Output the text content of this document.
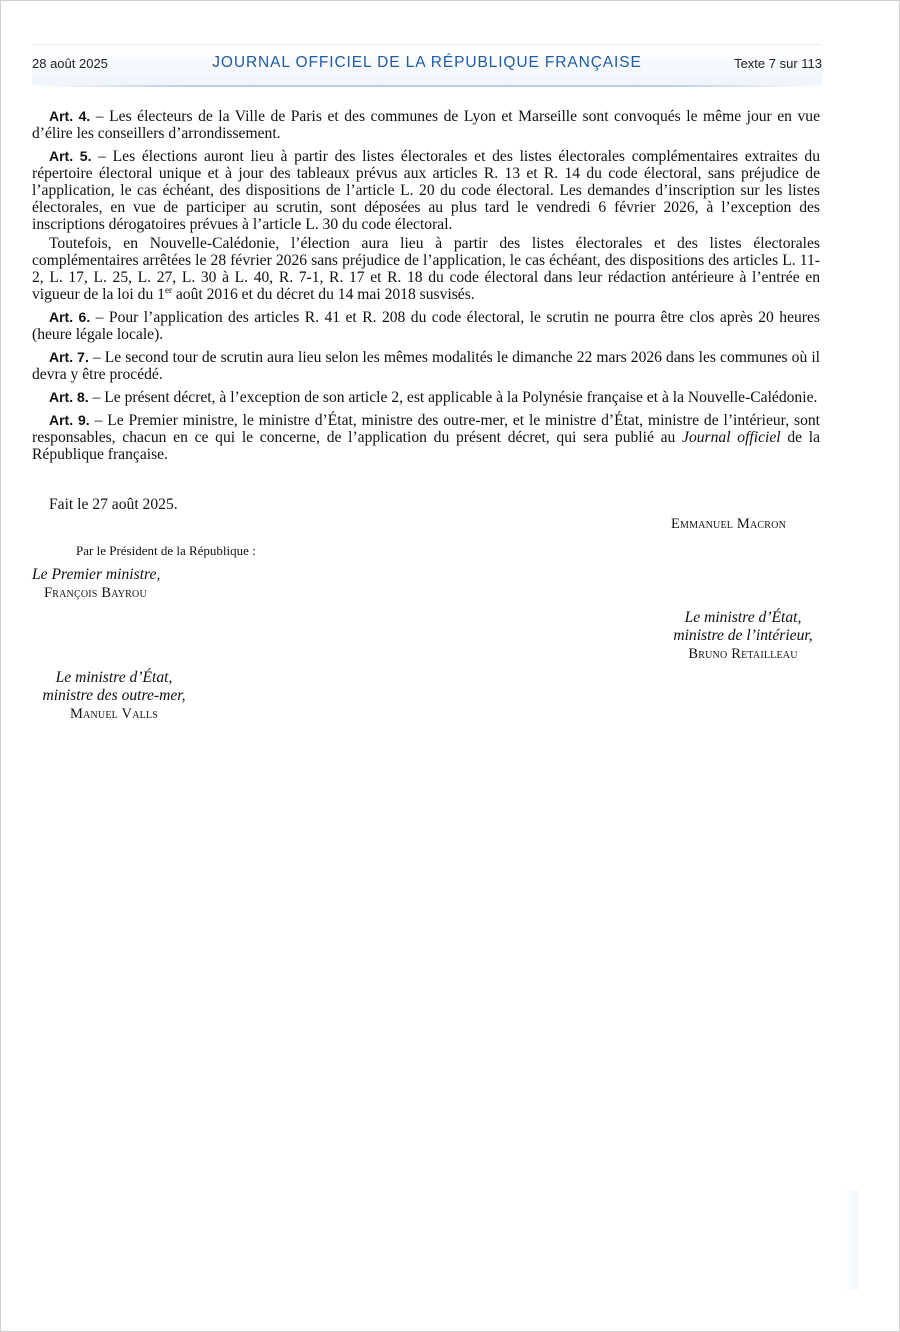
28 août 2025	JOURNAL OFFICIEL DE LA RÉPUBLIQUE FRANÇAISE	Texte 7 sur 113

Art. 4. – Les électeurs de la Ville de Paris et des communes de Lyon et Marseille sont convoqués le même jour en vue d’élire les conseillers d’arrondissement.

Art. 5. – Les élections auront lieu à partir des listes électorales et des listes électorales complémentaires extraites du répertoire électoral unique et à jour des tableaux prévus aux articles R. 13 et R. 14 du code électoral, sans préjudice de l’application, le cas échéant, des dispositions de l’article L. 20 du code électoral. Les demandes d’inscription sur les listes électorales, en vue de participer au scrutin, sont déposées au plus tard le vendredi 6 février 2026, à l’exception des inscriptions dérogatoires prévues à l’article L. 30 du code électoral.

Toutefois, en Nouvelle-Calédonie, l’élection aura lieu à partir des listes électorales et des listes électorales complémentaires arrêtées le 28 février 2026 sans préjudice de l’application, le cas échéant, des dispositions des articles L. 11-2, L. 17, L. 25, L. 27, L. 30 à L. 40, R. 7-1, R. 17 et R. 18 du code électoral dans leur rédaction antérieure à l’entrée en vigueur de la loi du 1er août 2016 et du décret du 14 mai 2018 susvisés.

Art. 6. – Pour l’application des articles R. 41 et R. 208 du code électoral, le scrutin ne pourra être clos après 20 heures (heure légale locale).

Art. 7. – Le second tour de scrutin aura lieu selon les mêmes modalités le dimanche 22 mars 2026 dans les communes où il devra y être procédé.

Art. 8. – Le présent décret, à l’exception de son article 2, est applicable à la Polynésie française et à la Nouvelle-Calédonie.

Art. 9. – Le Premier ministre, le ministre d’État, ministre des outre-mer, et le ministre d’État, ministre de l’intérieur, sont responsables, chacun en ce qui le concerne, de l’application du présent décret, qui sera publié au Journal officiel de la République française.

Fait le 27 août 2025.
Emmanuel Macron
Par le Président de la République :
Le Premier ministre,
François Bayrou
Le ministre d’État,
ministre de l’intérieur,
Bruno Retailleau
Le ministre d’État,
ministre des outre-mer,
Manuel Valls
